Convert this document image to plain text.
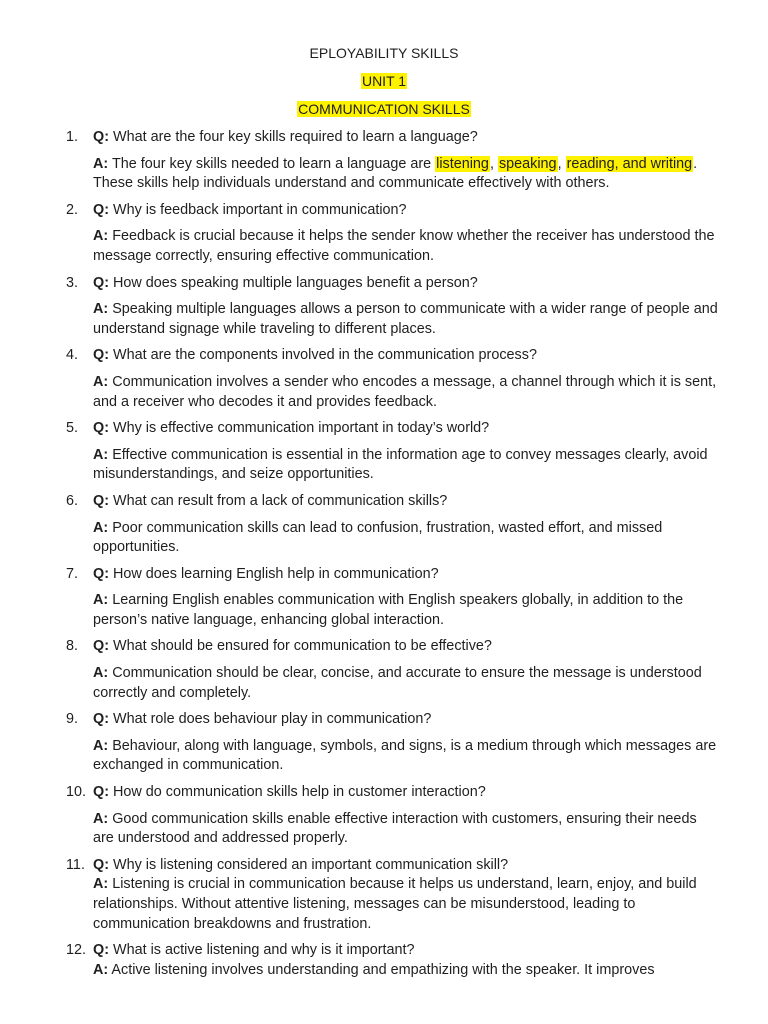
EPLOYABILITY SKILLS
UNIT 1
COMMUNICATION SKILLS
1.	Q: What are the four key skills required to learn a language?

A: The four key skills needed to learn a language are listening, speaking, reading, and writing. These skills help individuals understand and communicate effectively with others.

2.	Q: Why is feedback important in communication?

A: Feedback is crucial because it helps the sender know whether the receiver has understood the message correctly, ensuring effective communication.

3.	Q: How does speaking multiple languages benefit a person?

A: Speaking multiple languages allows a person to communicate with a wider range of people and understand signage while traveling to different places.

4.	Q: What are the components involved in the communication process?

A: Communication involves a sender who encodes a message, a channel through which it is sent, and a receiver who decodes it and provides feedback.

5.	Q: Why is effective communication important in today’s world?

A: Effective communication is essential in the information age to convey messages clearly, avoid misunderstandings, and seize opportunities.

6.	Q: What can result from a lack of communication skills?

A: Poor communication skills can lead to confusion, frustration, wasted effort, and missed opportunities.

7.	Q: How does learning English help in communication?

A: Learning English enables communication with English speakers globally, in addition to the person’s native language, enhancing global interaction.

8.	Q: What should be ensured for communication to be effective?

A: Communication should be clear, concise, and accurate to ensure the message is understood correctly and completely.

9.	Q: What role does behaviour play in communication?

A: Behaviour, along with language, symbols, and signs, is a medium through which messages are exchanged in communication.

10. Q: How do communication skills help in customer interaction?

A: Good communication skills enable effective interaction with customers, ensuring their needs are understood and addressed properly.

11. Q: Why is listening considered an important communication skill?

A: Listening is crucial in communication because it helps us understand, learn, enjoy, and build relationships. Without attentive listening, messages can be misunderstood, leading to communication breakdowns and frustration.

12. Q: What is active listening and why is it important?

A: Active listening involves understanding and empathizing with the speaker. It improves
